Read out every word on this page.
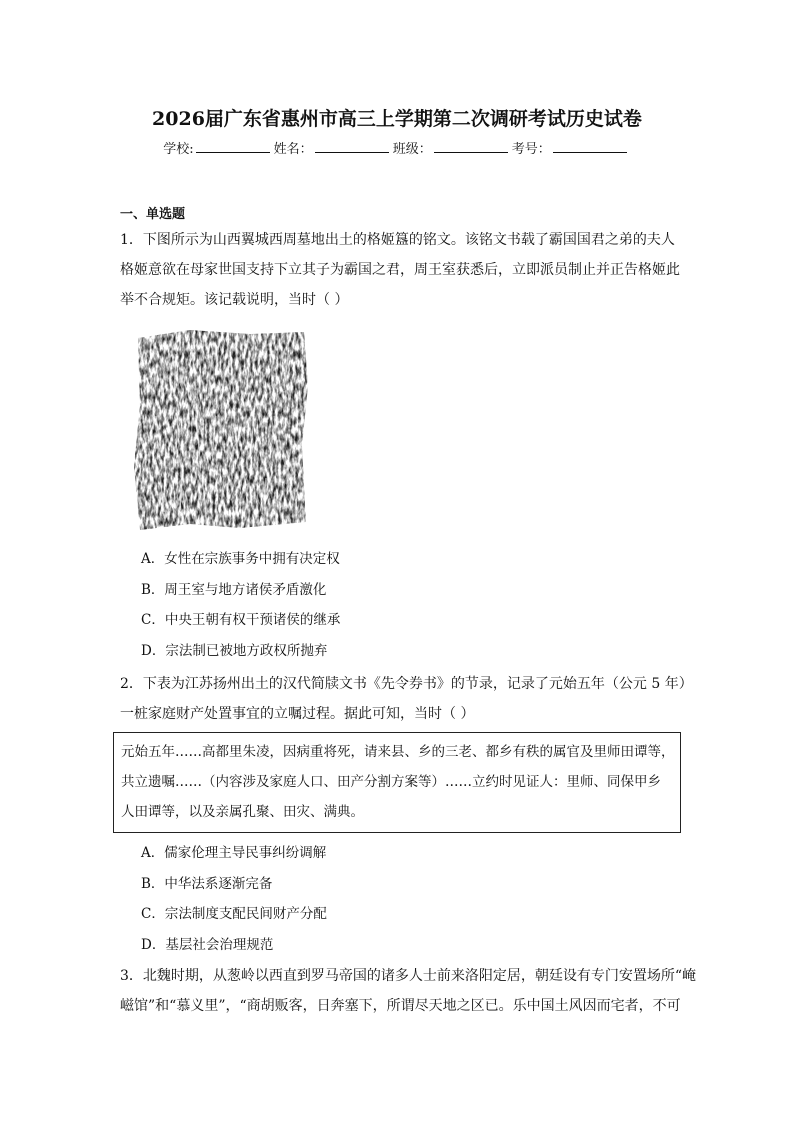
2026届广东省惠州市高三上学期第二次调研考试历史试卷
学校:	姓名：	班级：	考号：
一、单选题
1．下图所示为山西翼城西周墓地出土的格姬簋的铭文。该铭文书载了霸国国君之弟的夫人
格姬意欲在母家世国支持下立其子为霸国之君，周王室获悉后，立即派员制止并正告格姬此
举不合规矩。该记载说明，当时（ ）
A．女性在宗族事务中拥有决定权
B．周王室与地方诸侯矛盾激化
C．中央王朝有权干预诸侯的继承
D．宗法制已被地方政权所抛弃
2．下表为江苏扬州出土的汉代简牍文书《先令券书》的节录，记录了元始五年（公元 5 年）
一桩家庭财产处置事宜的立嘱过程。据此可知，当时（ ）
元始五年……高都里朱凌，因病重将死，请来县、乡的三老、都乡有秩的属官及里师田谭等，
共立遗嘱……（内容涉及家庭人口、田产分割方案等）……立约时见证人：里师、同保甲乡
人田谭等，以及亲属孔聚、田灾、满典。
A．儒家伦理主导民事纠纷调解
B．中华法系逐渐完备
C．宗法制度支配民间财产分配
D．基层社会治理规范
3．北魏时期，从葱岭以西直到罗马帝国的诸多人士前来洛阳定居，朝廷设有专门安置场所“崦
嵫馆”和“慕义里”，“商胡贩客，日奔塞下，所谓尽天地之区已。乐中国土风因而宅者，不可
